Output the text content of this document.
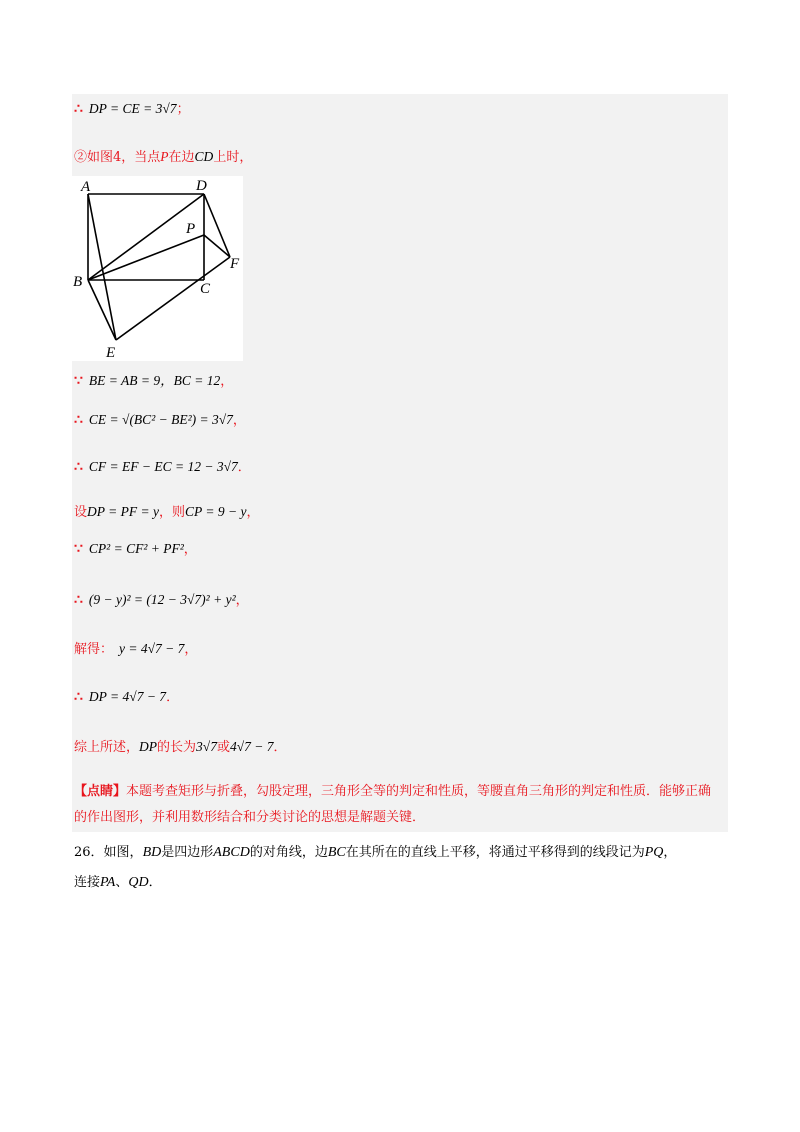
∴ DP = CE = 3√7；
②如图4，当点P在边CD上时，
A	D
P
F
B	C
E
∵ BE = AB = 9，BC = 12，
∴ CE = √(BC² − BE²) = 3√7，
∴ CF = EF − EC = 12 − 3√7．
设DP = PF = y，则CP = 9 − y，
∵ CP² = CF² + PF²，
∴ (9 − y)² = (12 − 3√7)² + y²，
解得： y = 4√7 − 7，
∴ DP = 4√7 − 7．
综上所述，DP的长为3√7或4√7 − 7．
【点睛】本题考查矩形与折叠，勾股定理，三角形全等的判定和性质，等腰直角三角形的判定和性质．能够正确的作出图形，并利用数形结合和分类讨论的思想是解题关键．
26．如图，BD是四边形ABCD的对角线，边BC在其所在的直线上平移，将通过平移得到的线段记为PQ，
连接PA、QD．
